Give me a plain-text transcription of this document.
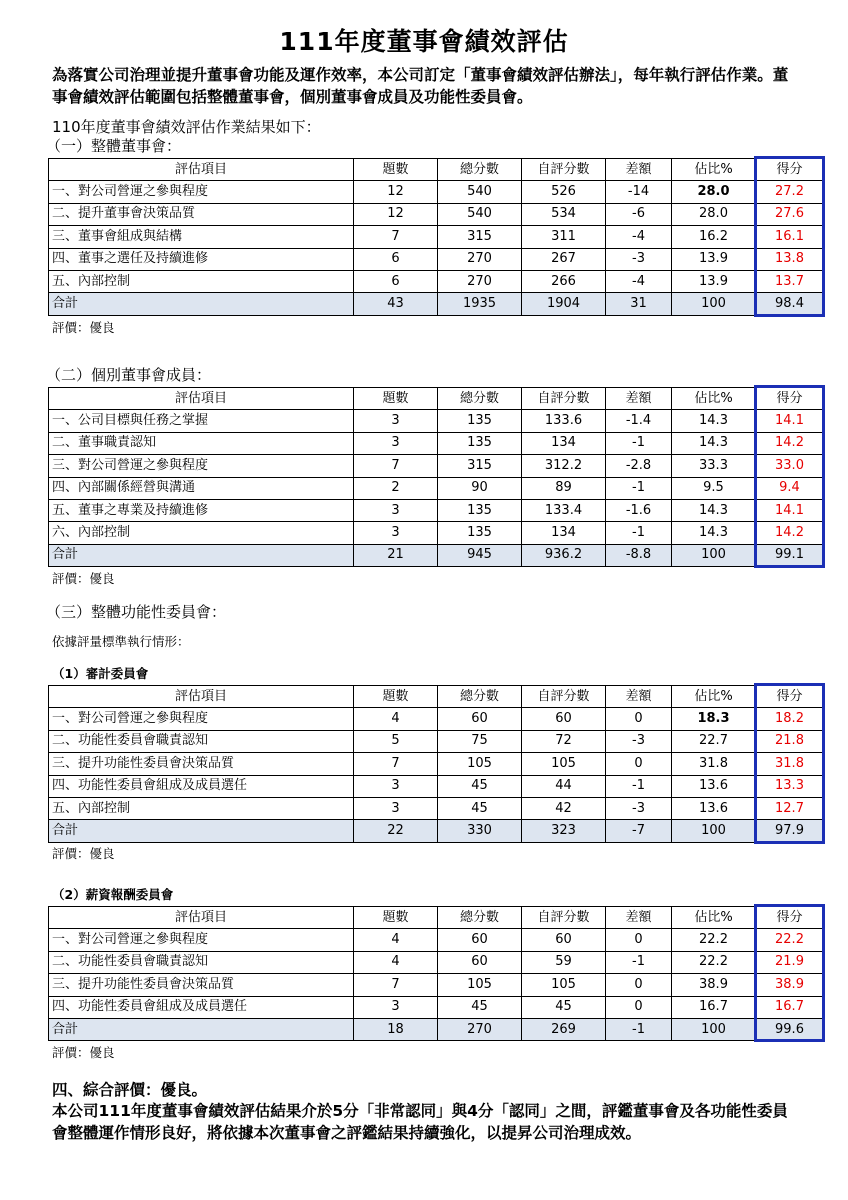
111年度董事會績效評估
為落實公司治理並提升董事會功能及運作效率，本公司訂定「董事會績效評估辦法」，每年執行評估作業。董事會績效評估範圍包括整體董事會，個別董事會成員及功能性委員會。
110年度董事會績效評估作業結果如下：
（一）整體董事會：
評估項目	題數	總分數	自評分數	差額	佔比%	得分
一、對公司營運之參與程度	12	540	526	-14	28.0	27.2
二、提升董事會決策品質	12	540	534	-6	28.0	27.6
三、董事會組成與結構	7	315	311	-4	16.2	16.1
四、董事之選任及持續進修	6	270	267	-3	13.9	13.8
五、內部控制	6	270	266	-4	13.9	13.7
合計	43	1935	1904	31	100	98.4
評價：優良
（二）個別董事會成員：
評估項目	題數	總分數	自評分數	差額	佔比%	得分
一、公司目標與任務之掌握	3	135	133.6	-1.4	14.3	14.1
二、董事職責認知	3	135	134	-1	14.3	14.2
三、對公司營運之參與程度	7	315	312.2	-2.8	33.3	33.0
四、內部關係經營與溝通	2	90	89	-1	9.5	9.4
五、董事之專業及持續進修	3	135	133.4	-1.6	14.3	14.1
六、內部控制	3	135	134	-1	14.3	14.2
合計	21	945	936.2	-8.8	100	99.1
評價：優良
（三）整體功能性委員會：
依據評量標準執行情形：
（1）審計委員會
評估項目	題數	總分數	自評分數	差額	佔比%	得分
一、對公司營運之參與程度	4	60	60	0	18.3	18.2
二、功能性委員會職責認知	5	75	72	-3	22.7	21.8
三、提升功能性委員會決策品質	7	105	105	0	31.8	31.8
四、功能性委員會組成及成員選任	3	45	44	-1	13.6	13.3
五、內部控制	3	45	42	-3	13.6	12.7
合計	22	330	323	-7	100	97.9
評價：優良
（2）薪資報酬委員會
評估項目	題數	總分數	自評分數	差額	佔比%	得分
一、對公司營運之參與程度	4	60	60	0	22.2	22.2
二、功能性委員會職責認知	4	60	59	-1	22.2	21.9
三、提升功能性委員會決策品質	7	105	105	0	38.9	38.9
四、功能性委員會組成及成員選任	3	45	45	0	16.7	16.7
合計	18	270	269	-1	100	99.6
評價：優良
四、綜合評價：優良。
本公司111年度董事會績效評估結果介於5分「非常認同」與4分「認同」之間，評鑑董事會及各功能性委員會整體運作情形良好，將依據本次董事會之評鑑結果持續強化，以提昇公司治理成效。
